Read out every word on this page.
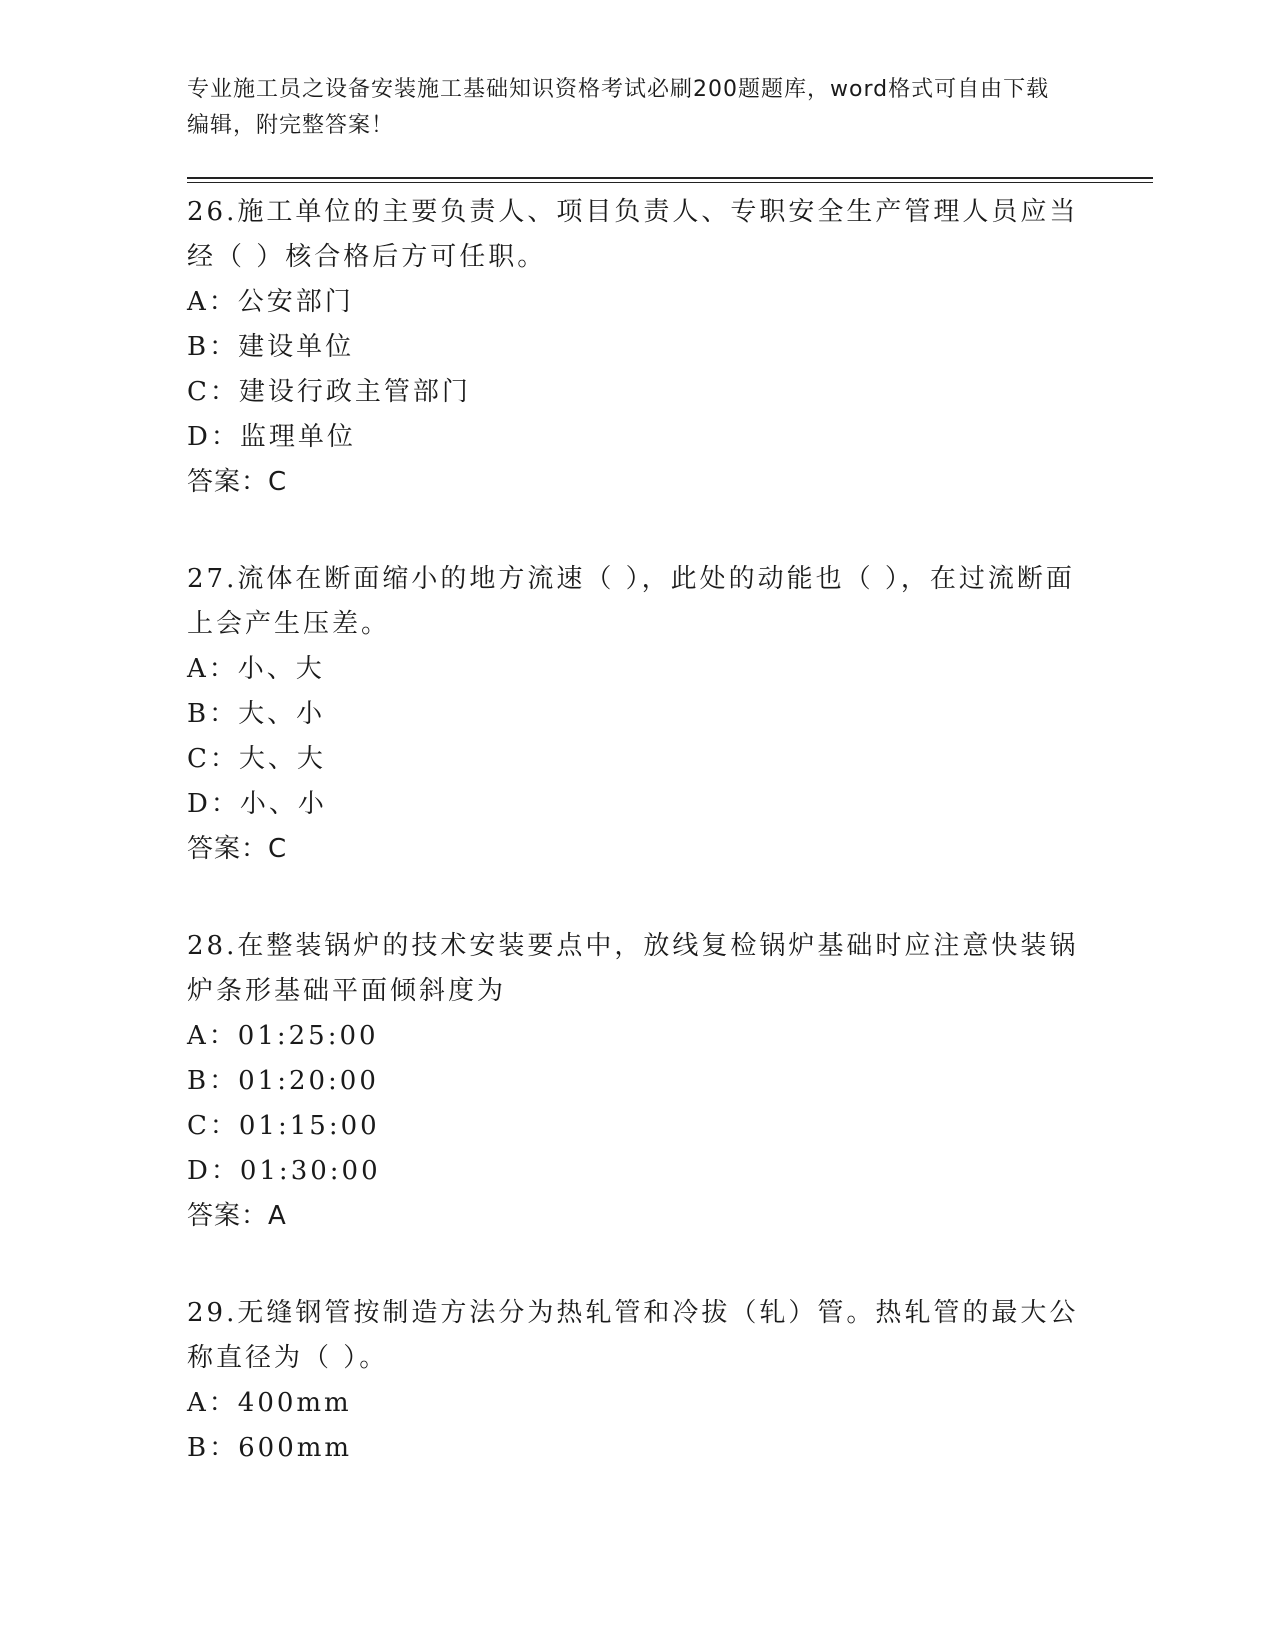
专业施工员之设备安装施工基础知识资格考试必刷200题题库，word格式可自由下载编辑，附完整答案！
26.施工单位的主要负责人、项目负责人、专职安全生产管理人员应当经（ ）核合格后方可任职。
A：公安部门
B：建设单位
C：建设行政主管部门
D：监理单位
答案：C
27.流体在断面缩小的地方流速（ ），此处的动能也（ ），在过流断面上会产生压差。
A：小、大
B：大、小
C：大、大
D：小、小
答案：C
28.在整装锅炉的技术安装要点中，放线复检锅炉基础时应注意快装锅炉条形基础平面倾斜度为
A：01:25:00
B：01:20:00
C：01:15:00
D：01:30:00
答案：A
29.无缝钢管按制造方法分为热轧管和冷拔（轧）管。热轧管的最大公称直径为（ ）。
A：400mm
B：600mm
